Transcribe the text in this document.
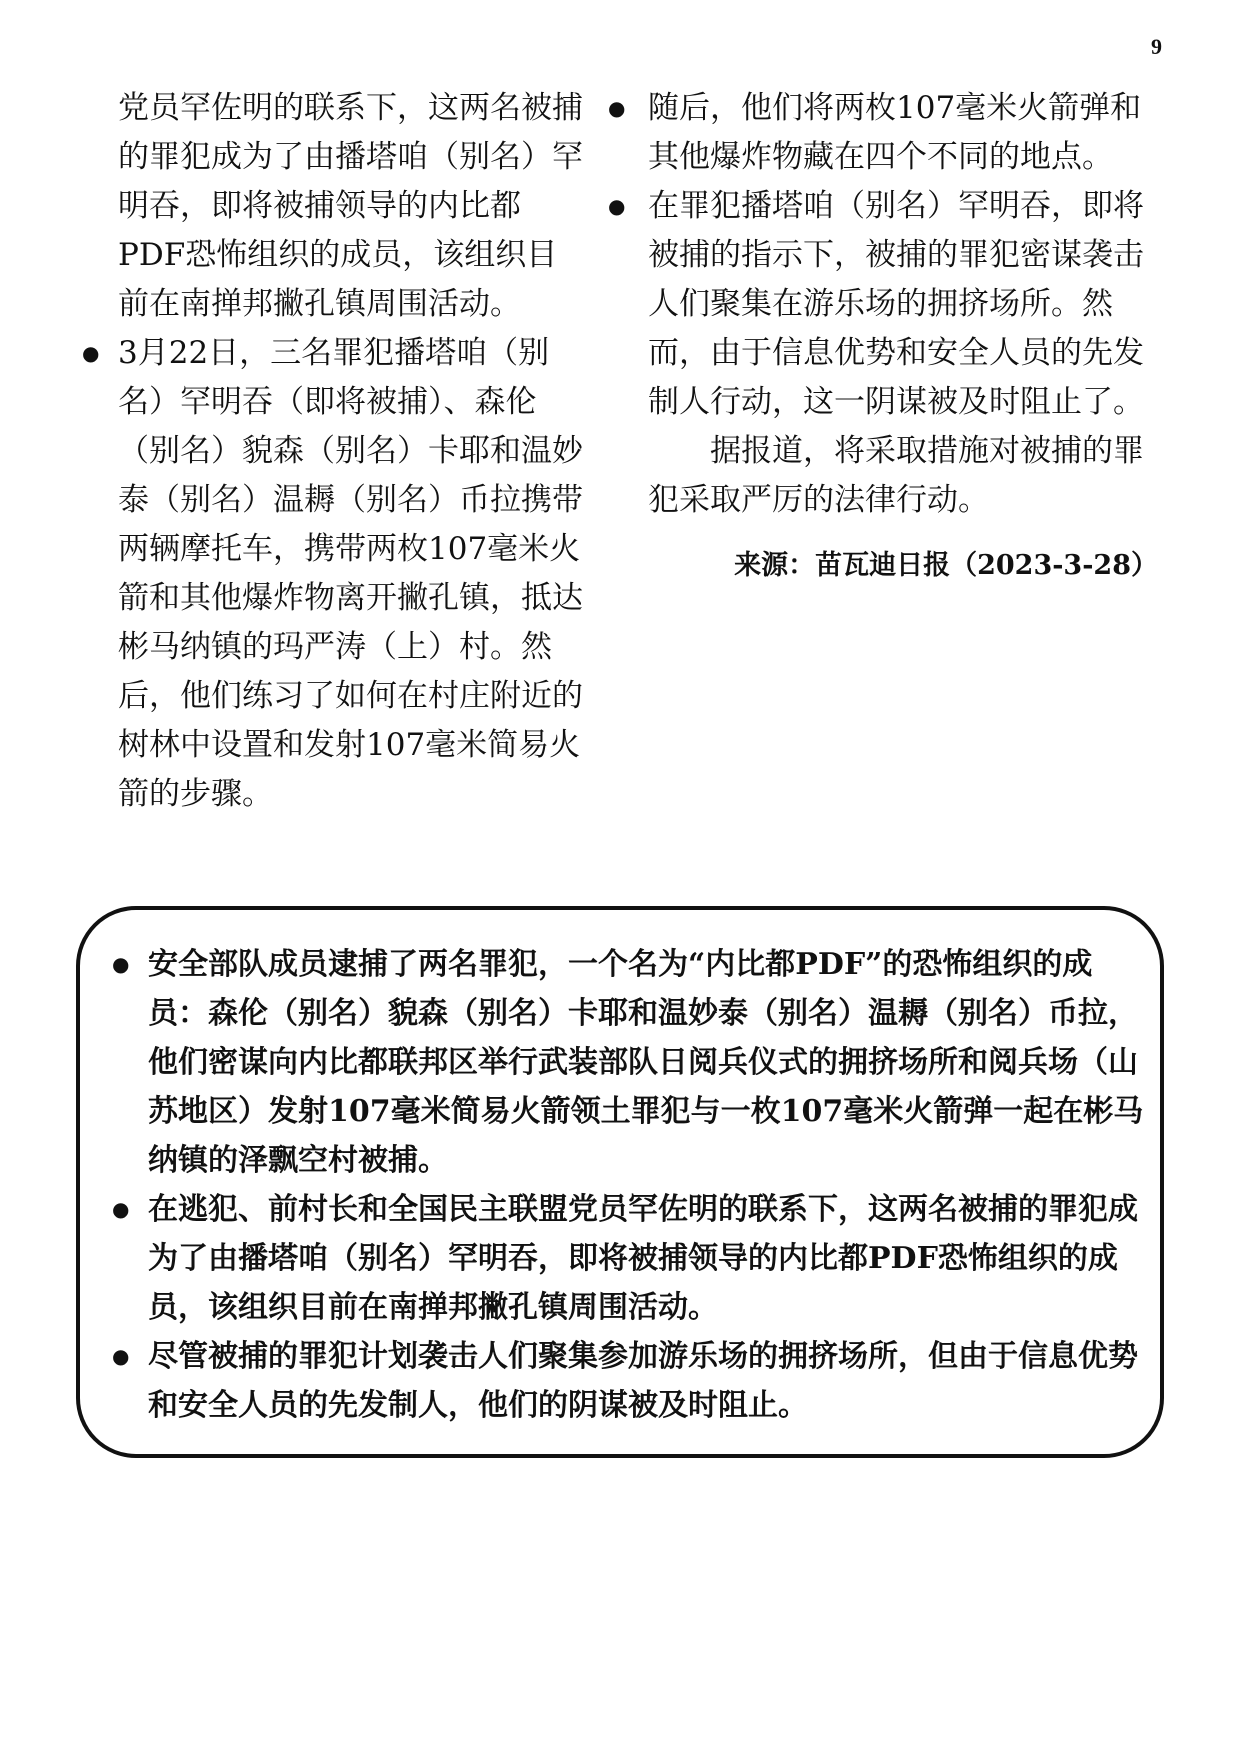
9

党员罕佐明的联系下，这两名被捕的罪犯成为了由播塔咱（别名）罕明吞，即将被捕领导的内比都PDF恐怖组织的成员，该组织目前在南掸邦撇孔镇周围活动。

● 3月22日，三名罪犯播塔咱（别名）罕明吞（即将被捕）、森伦（别名）貌森（别名）卡耶和温妙泰（别名）温耨（别名）币拉携带两辆摩托车，携带两枚107毫米火箭和其他爆炸物离开撇孔镇，抵达彬马纳镇的玛严涛（上）村。然后，他们练习了如何在村庄附近的树林中设置和发射107毫米简易火箭的步骤。
● 随后，他们将两枚107毫米火箭弹和其他爆炸物藏在四个不同的地点。
● 在罪犯播塔咱（别名）罕明吞，即将被捕的指示下，被捕的罪犯密谋袭击人们聚集在游乐场的拥挤场所。然而，由于信息优势和安全人员的先发制人行动，这一阴谋被及时阻止了。

据报道，将采取措施对被捕的罪犯采取严厉的法律行动。

来源：苗瓦迪日报（2023-3-28）

● 安全部队成员逮捕了两名罪犯，一个名为“内比都PDF”的恐怖组织的成员：森伦（别名）貌森（别名）卡耶和温妙泰（别名）温耨（别名）币拉，他们密谋向内比都联邦区举行武装部队日阅兵仪式的拥挤场所和阅兵场（山苏地区）发射107毫米简易火箭领土罪犯与一枚107毫米火箭弹一起在彬马纳镇的泽飘空村被捕。
● 在逃犯、前村长和全国民主联盟党员罕佐明的联系下，这两名被捕的罪犯成为了由播塔咱（别名）罕明吞，即将被捕领导的内比都PDF恐怖组织的成员，该组织目前在南掸邦撇孔镇周围活动。
● 尽管被捕的罪犯计划袭击人们聚集参加游乐场的拥挤场所，但由于信息优势和安全人员的先发制人，他们的阴谋被及时阻止。
